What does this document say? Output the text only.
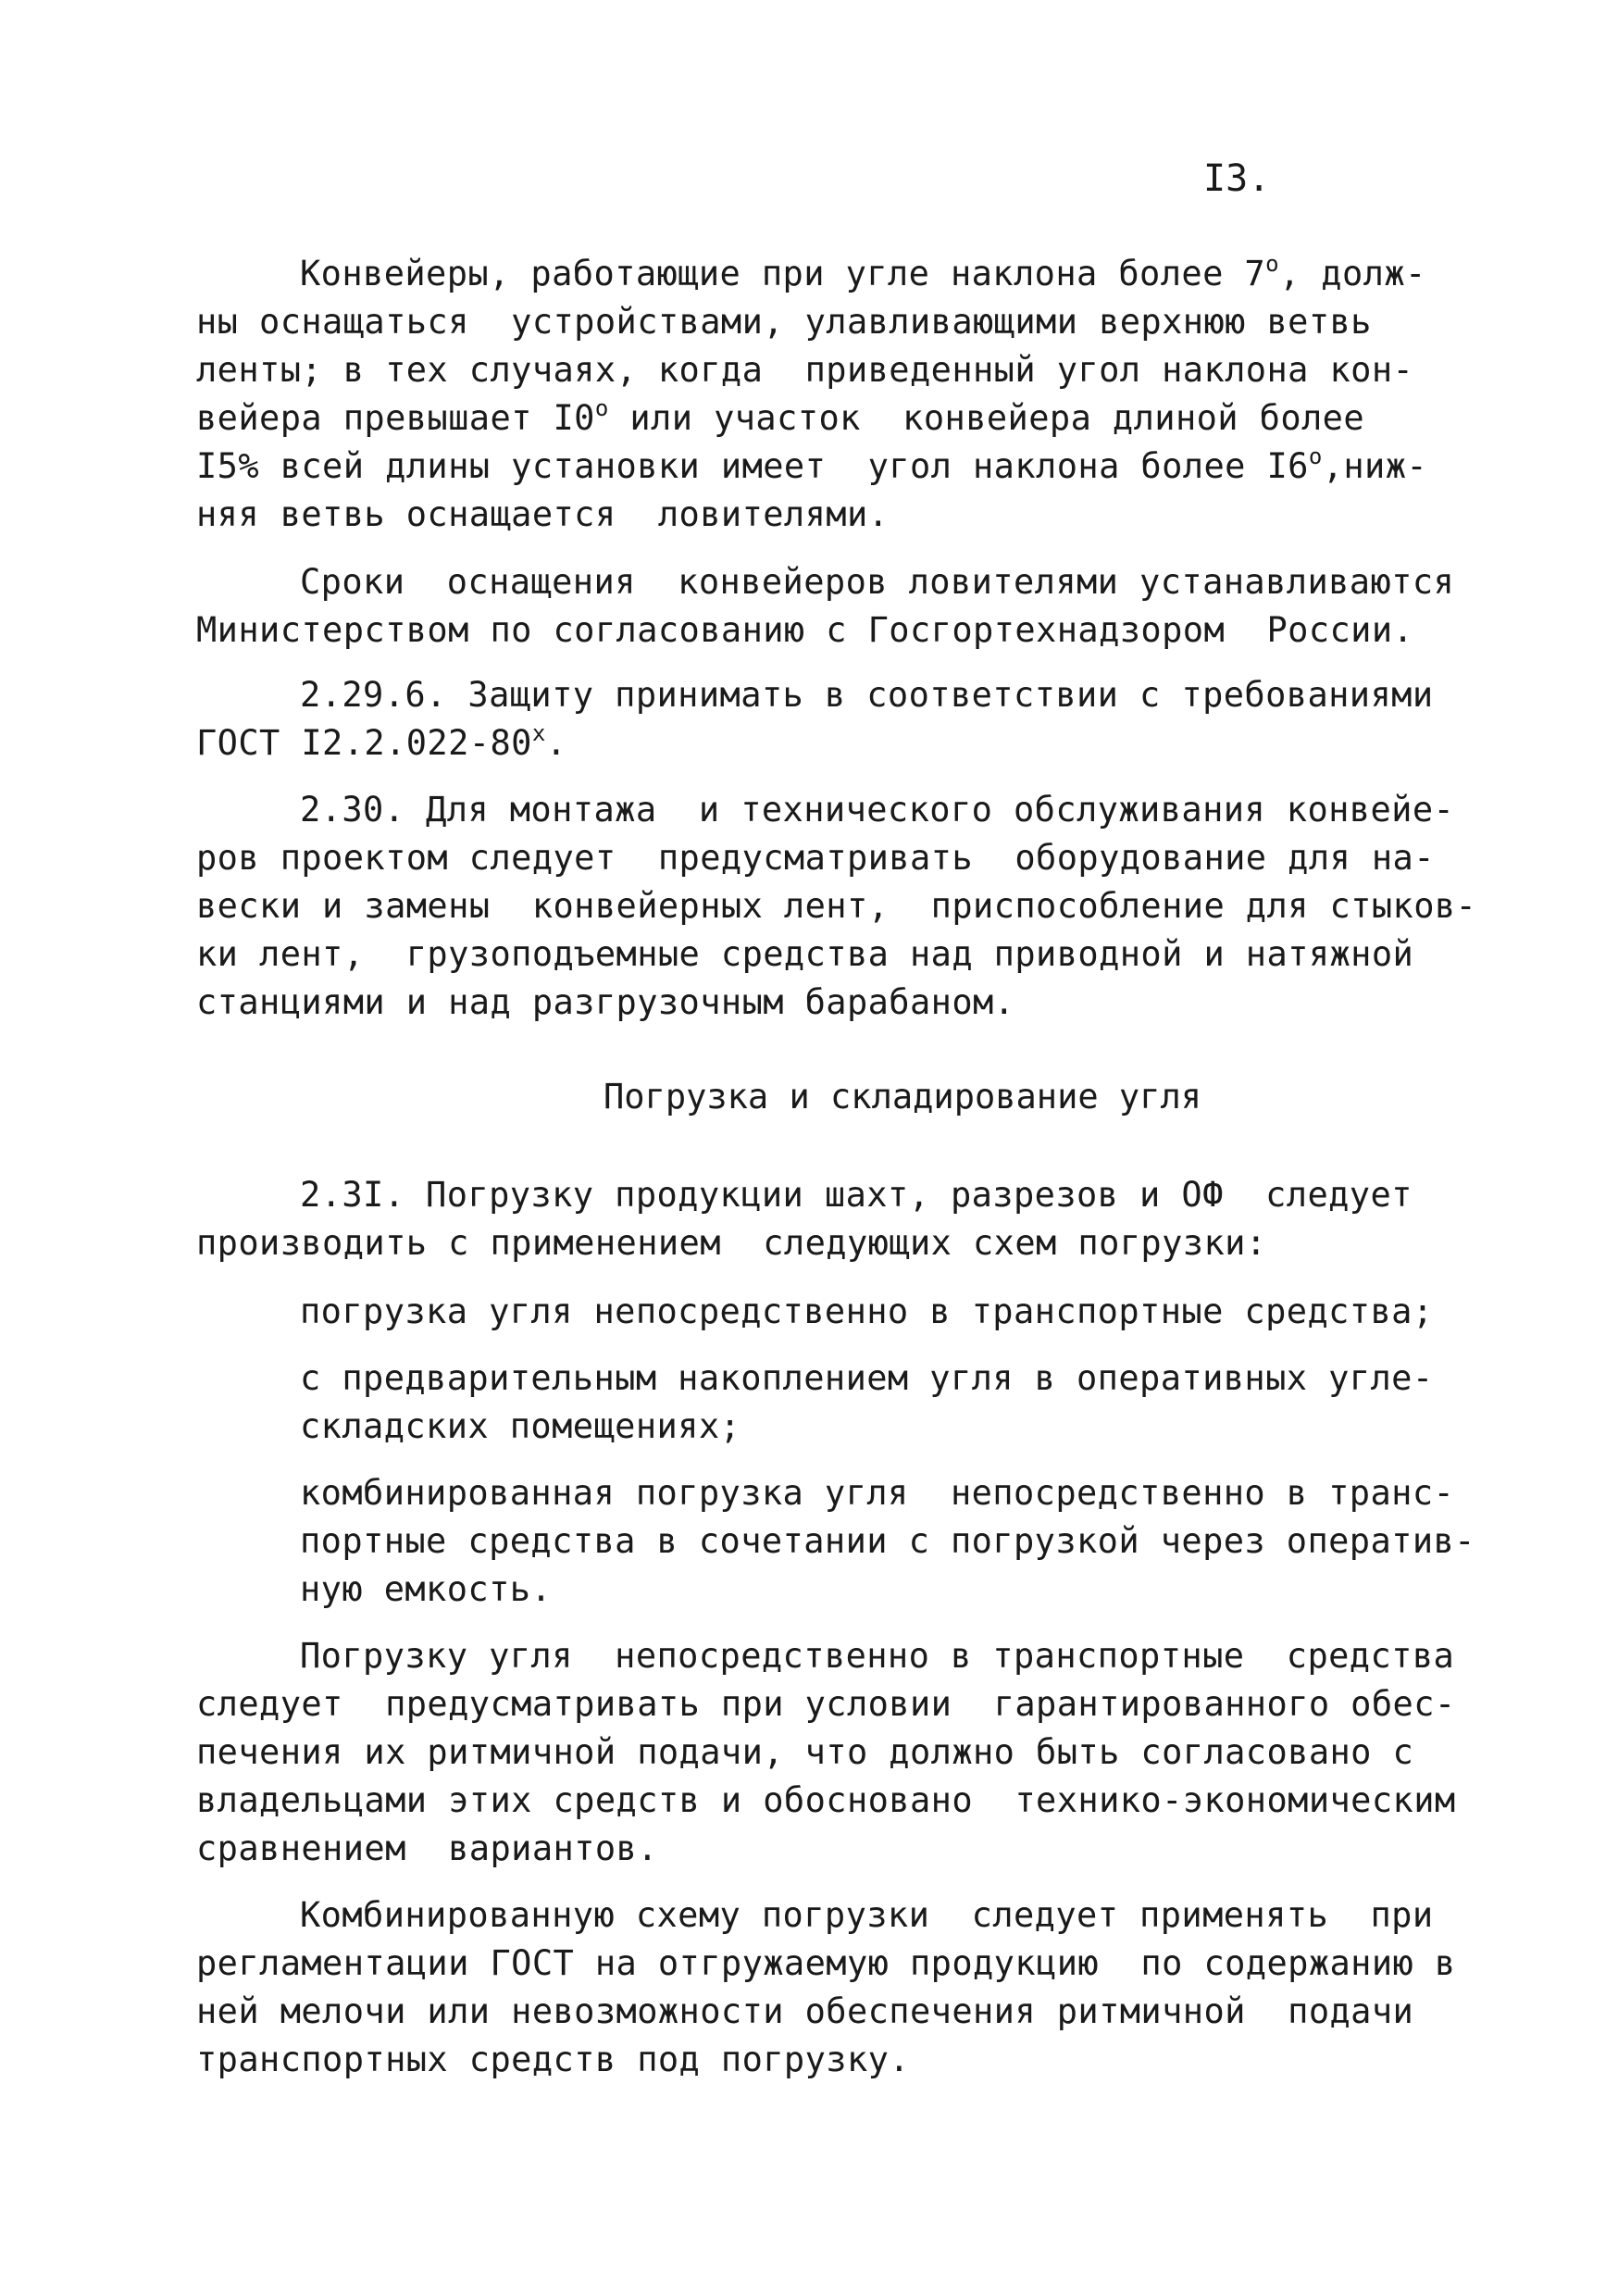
I3.
Конвейеры, работающие при угле наклона более $7^о$, долж-
ны оснащаться  устройствами, улавливающими верхнюю ветвь
ленты; в тех случаях, когда  приведенный угол наклона кон-
вейера превышает $I0^о$ или участок  конвейера длиной более
I5% всей длины установки имеет  угол наклона более $I6^о,ниж-$
няя ветвь оснащается  ловителями.
Сроки  оснащения  конвейеров ловителями устанавливаются
Министерством по согласованию с Госгортехнадзором  России.
2.29.6. Защиту принимать в соответствии с требованиями
ГОСТ $I2.2.022-80^х$.
2.30. Для монтажа  и технического обслуживания конвейе-
ров проектом следует  предусматривать  оборудование для на-
вески и замены  конвейерных лент,  приспособление для стыков-
ки лент,  грузоподъемные средства над приводной и натяжной
станциями и над разгрузочным барабаном.
Погрузка и складирование угля
2.3I. Погрузку продукции шахт, разрезов и ОФ  следует
производить с применением  следующих схем погрузки:
погрузка угля непосредственно в транспортные средства;
с предварительным накоплением угля в оперативных угле-
складских помещениях;
комбинированная погрузка угля  непосредственно в транс-
портные средства в сочетании с погрузкой через оператив-
ную емкость.
Погрузку угля  непосредственно в транспортные  средства
следует  предусматривать при условии  гарантированного обес-
печения их ритмичной подачи, что должно быть согласовано с
владельцами этих средств и обосновано  технико-экономическим
сравнением  вариантов.
Комбинированную схему погрузки  следует применять  при
регламентации ГОСТ на отгружаемую продукцию  по содержанию в
ней мелочи или невозможности обеспечения ритмичной  подачи
транспортных средств под погрузку.
